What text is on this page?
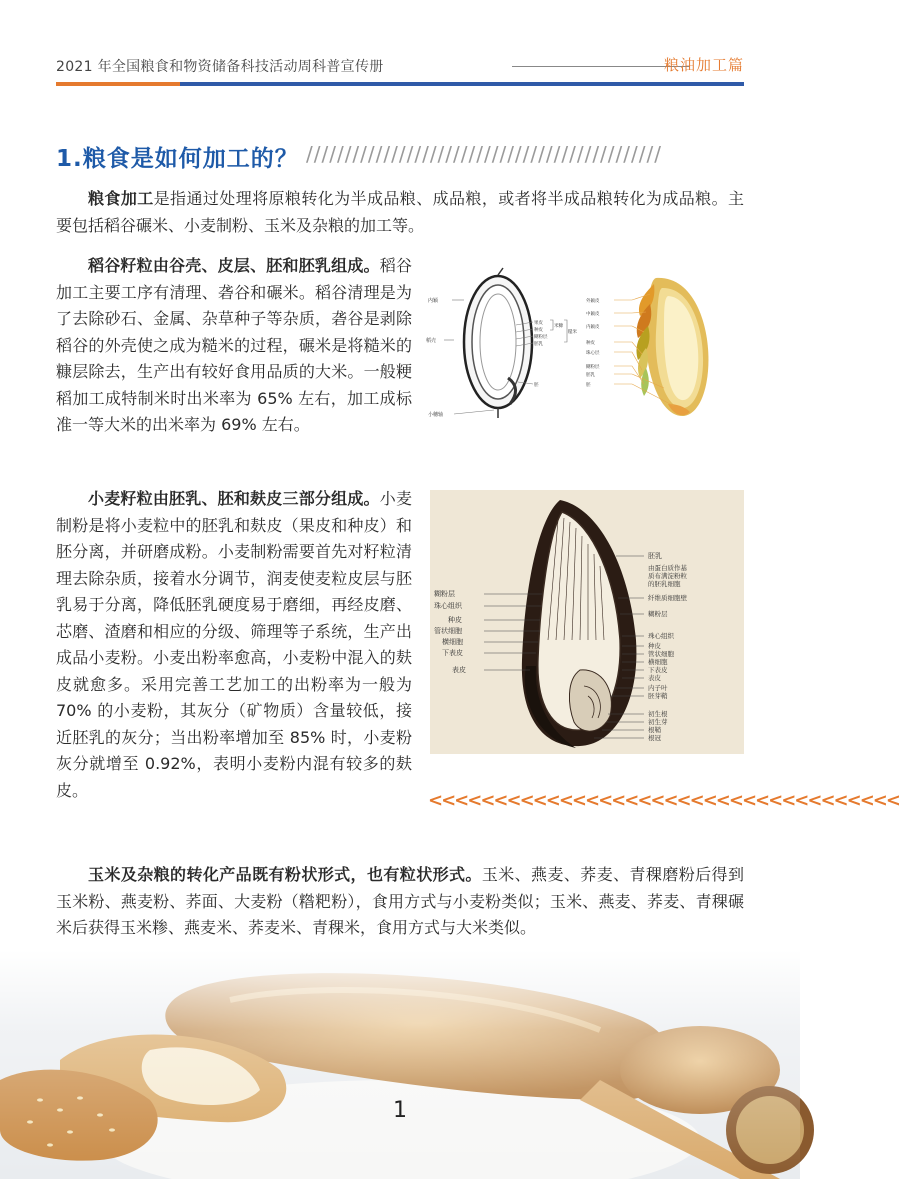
2021 年全国粮食和物资储备科技活动周科普宣传册	粮油加工篇
1.粮食是如何加工的？ //////////////////////////////////////////////

粮食加工是指通过处理将原粮转化为半成品粮、成品粮，或者将半成品粮转化为成品粮。主要包括稻谷碾米、小麦制粉、玉米及杂粮的加工等。

稻谷籽粒由谷壳、皮层、胚和胚乳组成。稻谷加工主要工序有清理、砻谷和碾米。稻谷清理是为了去除砂石、金属、杂草种子等杂质，砻谷是剥除稻谷的外壳使之成为糙米的过程，碾米是将糙米的糠层除去，生产出有较好食用品质的大米。一般粳稻加工成特制米时出米率为 65% 左右，加工成标准一等大米的出米率为 69% 左右。

内颖
稻壳
小穗轴
果皮
种皮
糊粉层
胚乳
胚
米糠
糙米
外颖皮
中颖皮
内颖皮
种皮
珠心层
糊粉层
胚乳
胚

小麦籽粒由胚乳、胚和麸皮三部分组成。小麦制粉是将小麦粒中的胚乳和麸皮（果皮和种皮）和胚分离，并研磨成粉。小麦制粉需要首先对籽粒清理去除杂质，接着水分调节，润麦使麦粒皮层与胚乳易于分离，降低胚乳硬度易于磨细，再经皮磨、芯磨、渣磨和相应的分级、筛理等子系统，生产出成品小麦粉。小麦出粉率愈高，小麦粉中混入的麸皮就愈多。采用完善工艺加工的出粉率为一般为 70% 的小麦粉，其灰分（矿物质）含量较低，接近胚乳的灰分；当出粉率增加至 85% 时，小麦粉灰分就增至 0.92%，表明小麦粉内混有较多的麸皮。

糊粉层
珠心组织
种皮
管状细胞
横细胞
下表皮
表皮
胚乳
由蛋白质作基
质布满淀粉粒
的胚乳细胞
纤维质细胞壁
糊粉层
珠心组织
种皮
管状细胞
横细胞
下表皮
表皮
内子叶
胚芽鞘
初生根
初生芽
根鞘
根冠
<<<<<<<<<<<<<<<<<<<<<<<<<<<<<<<<<<<<

玉米及杂粮的转化产品既有粉状形式，也有粒状形式。玉米、燕麦、荞麦、青稞磨粉后得到玉米粉、燕麦粉、荞面、大麦粉（糌粑粉），食用方式与小麦粉类似；玉米、燕麦、荞麦、青稞碾米后获得玉米糁、燕麦米、荞麦米、青稞米，食用方式与大米类似。

1
